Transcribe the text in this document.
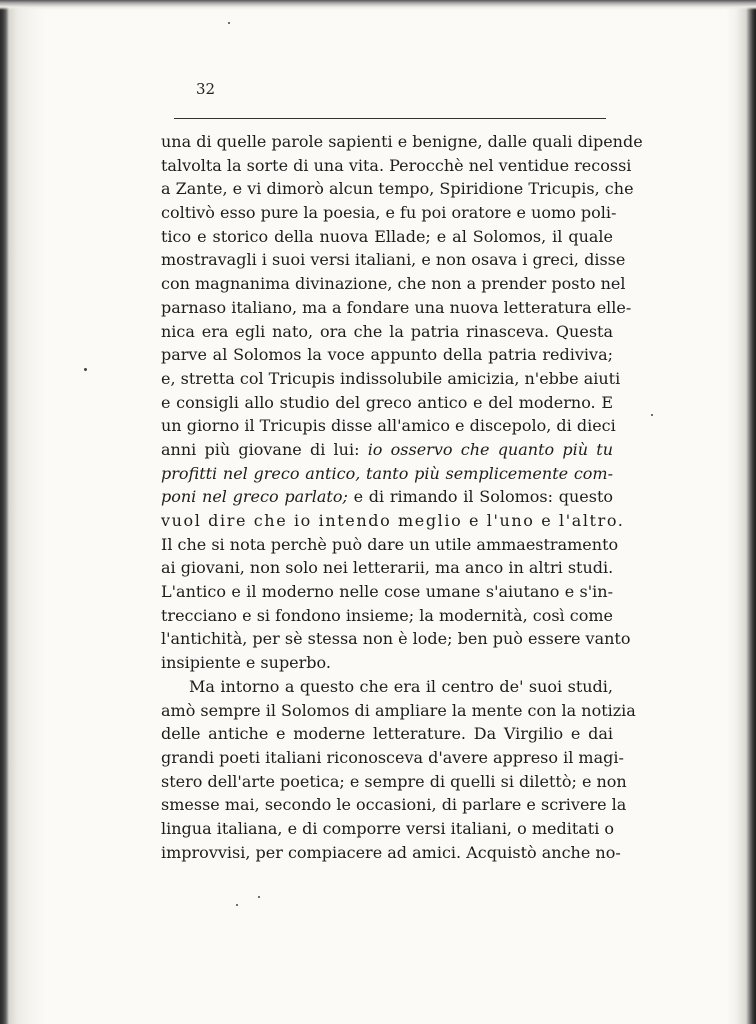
32
una di quelle parole sapienti e benigne, dalle quali dipende
talvolta la sorte di una vita. Perocchè nel ventidue recossi
a Zante, e vi dimorò alcun tempo, Spiridione Tricupis, che
coltivò esso pure la poesia, e fu poi oratore e uomo poli-
tico e storico della nuova Ellade; e al Solomos, il quale
mostravagli i suoi versi italiani, e non osava i greci, disse
con magnanima divinazione, che non a prender posto nel
parnaso italiano, ma a fondare una nuova letteratura elle-
nica era egli nato, ora che la patria rinasceva. Questa
parve al Solomos la voce appunto della patria rediviva;
e, stretta col Tricupis indissolubile amicizia, n'ebbe aiuti
e consigli allo studio del greco antico e del moderno. E
un giorno il Tricupis disse all'amico e discepolo, di dieci
anni più giovane di lui: io osservo che quanto più tu
profitti nel greco antico, tanto più semplicemente com-
poni nel greco parlato; e di rimando il Solomos: questo
vuol dire che io intendo meglio e l'uno e l'altro.
Il che si nota perchè può dare un utile ammaestramento
ai giovani, non solo nei letterarii, ma anco in altri studi.
L'antico e il moderno nelle cose umane s'aiutano e s'in-
trecciano e si fondono insieme; la modernità, così come
l'antichità, per sè stessa non è lode; ben può essere vanto
insipiente e superbo.
Ma intorno a questo che era il centro de' suoi studi,
amò sempre il Solomos di ampliare la mente con la notizia
delle antiche e moderne letterature. Da Virgilio e dai
grandi poeti italiani riconosceva d'avere appreso il magi-
stero dell'arte poetica; e sempre di quelli si dilettò; e non
smesse mai, secondo le occasioni, di parlare e scrivere la
lingua italiana, e di comporre versi italiani, o meditati o
improvvisi, per compiacere ad amici. Acquistò anche no-
